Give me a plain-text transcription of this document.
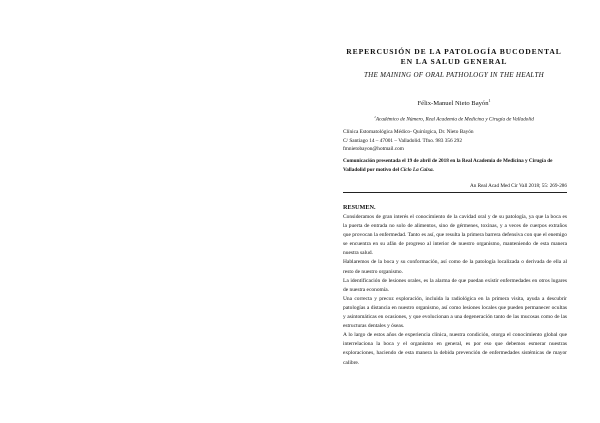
REPERCUSIÓN DE LA PATOLOGÍA BUCODENTAL
EN LA SALUD GENERAL
THE MAINING OF ORAL PATHOLOGY IN THE HEALTH
Félix-Manuel Nieto Bayón$^1$
$^1$Académico de Número, Real Academia de Medicina y Cirugía de Valladolid
Clínica Estomatológica Médico- Quirúrgica, Dr. Nieto Bayón
C/ Santiago 14 – 47001 – Valladolid. Tfno. 983 356 292
fmnietobayon@hotmail.com
Comunicación presentada el 19 de abril de 2018 en la Real Academia de Medicina y Cirugía de Valladolid por motivo del Ciclo La Caixa.
An Real Acad Med Cir Vall 2018; 55: 269-286
RESUMEN.

Consideramos de gran interés el conocimiento de la cavidad oral y de su patología, ya que la boca es la puerta de entrada no solo de alimentos, sino de gérmenes, toxinas, y a veces de cuerpos extraños que provocan la enfermedad. Tanto es así, que resulta la primera barrera defensiva con que el enemigo se encuentra en su afán de progreso al interior de nuestro organismo, manteniendo de esta manera nuestra salud.

Hablaremos de la boca y su conformación, así como de la patología localizada o derivada de ella al resto de nuestro organismo.

La identificación de lesiones orales, es la alarma de que puedan existir enfermedades en otros lugares de nuestra economía.

Una correcta y precoz exploración, incluida la radiológica en la primera visita, ayuda a descubrir patologías a distancia en nuestro organismo, así como lesiones locales que pueden permanecer ocultas y asintomáticas en ocasiones, y que evolucionan a una degeneración tanto de las mucosas como de las estructuras dentales y óseas.

A lo largo de estos años de experiencia clínica, nuestra condición, otorga el conocimiento global que interrelaciona la boca y el organismo en general, es por eso que debemos esmerar nuestras exploraciones, haciendo de esta manera la debida prevención de enfermedades sistémicas de mayor calibre.
